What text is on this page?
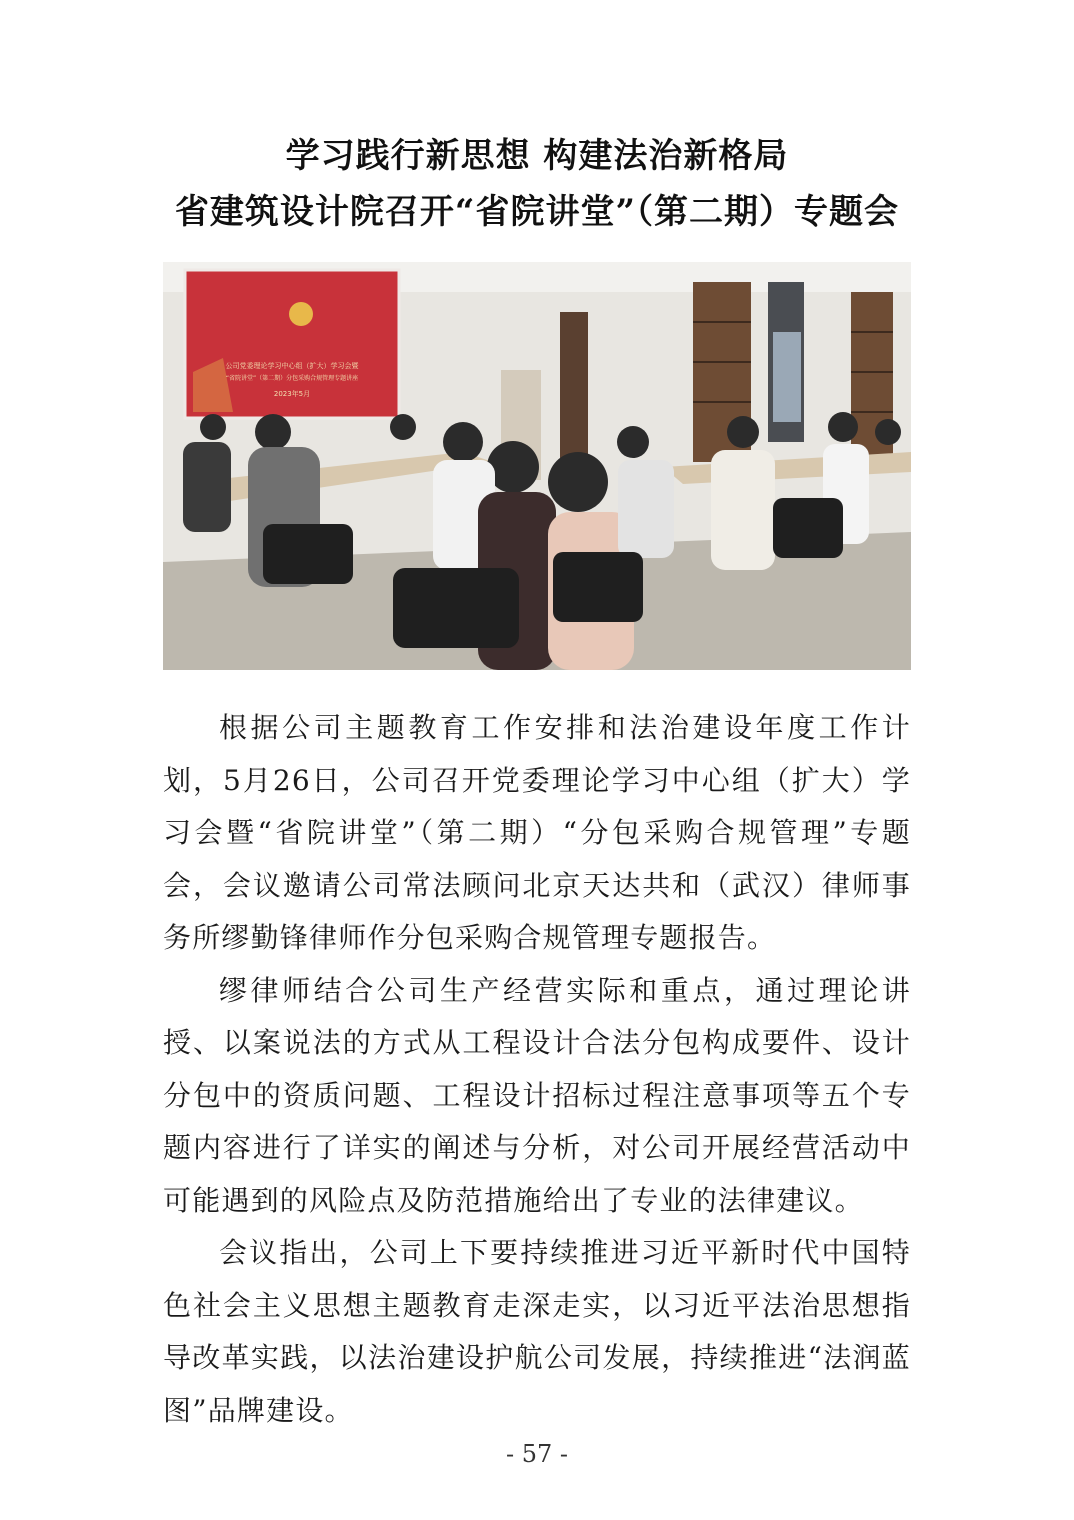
学习践行新思想 构建法治新格局
省建筑设计院召开“省院讲堂”（第二期）专题会
公司党委理论学习中心组（扩大）学习会暨
“省院讲堂”（第二期）分包采购合规管理专题讲座
2023年5月

根据公司主题教育工作安排和法治建设年度工作计划，5月26日，公司召开党委理论学习中心组（扩大）学习会暨“省院讲堂”（第二期）“分包采购合规管理”专题会，会议邀请公司常法顾问北京天达共和（武汉）律师事务所缪勤锋律师作分包采购合规管理专题报告。

缪律师结合公司生产经营实际和重点，通过理论讲授、以案说法的方式从工程设计合法分包构成要件、设计分包中的资质问题、工程设计招标过程注意事项等五个专题内容进行了详实的阐述与分析，对公司开展经营活动中可能遇到的风险点及防范措施给出了专业的法律建议。

会议指出，公司上下要持续推进习近平新时代中国特色社会主义思想主题教育走深走实，以习近平法治思想指导改革实践，以法治建设护航公司发展，持续推进“法润蓝图”品牌建设。

- 57 -
